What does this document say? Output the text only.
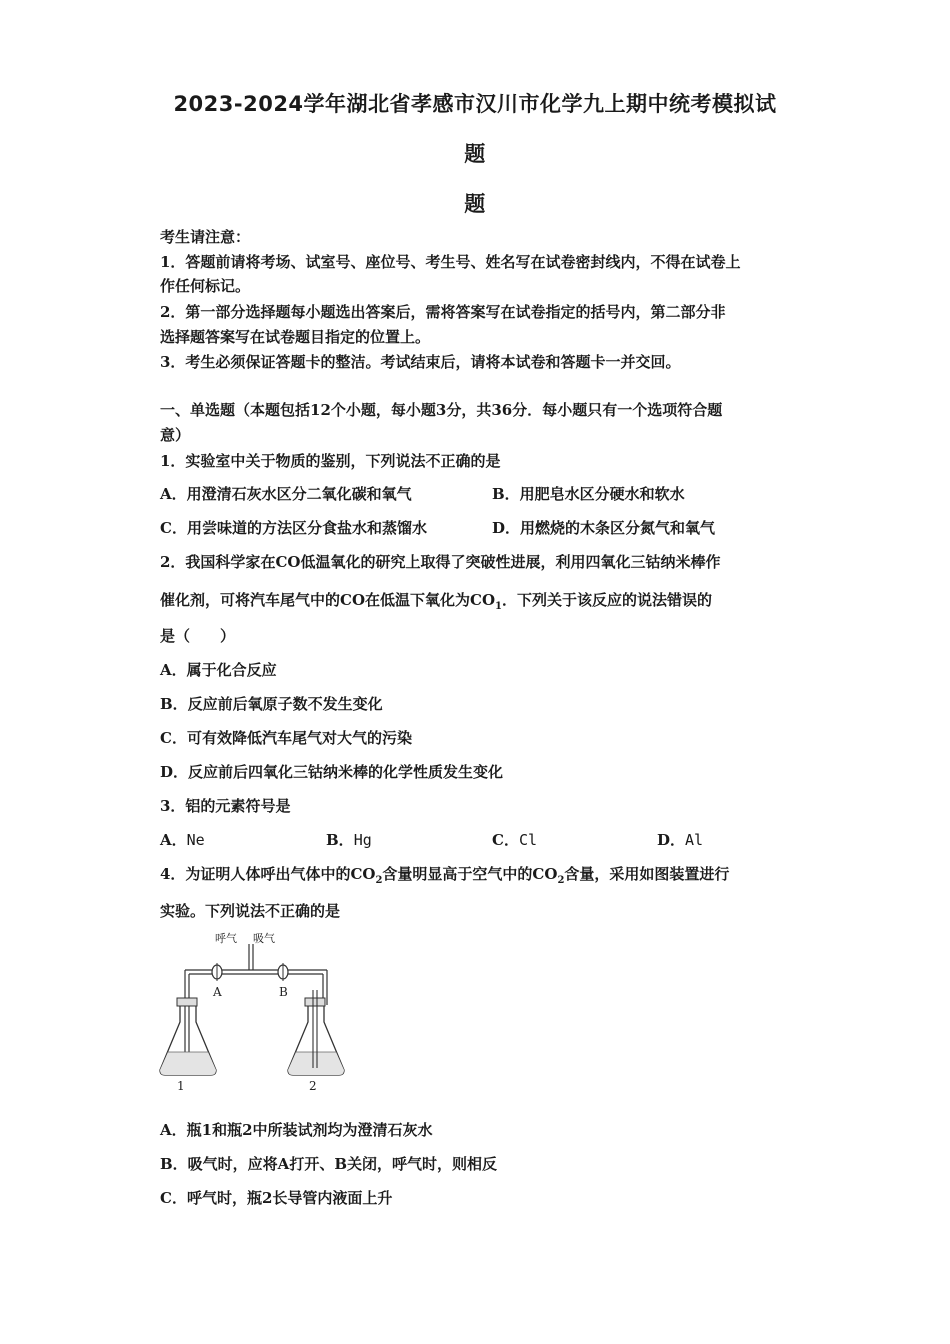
2023-2024学年湖北省孝感市汉川市化学九上期中统考模拟试
题
题
考生请注意：
1．答题前请将考场、试室号、座位号、考生号、姓名写在试卷密封线内，不得在试卷上
作任何标记。
2．第一部分选择题每小题选出答案后，需将答案写在试卷指定的括号内，第二部分非
选择题答案写在试卷题目指定的位置上。
3．考生必须保证答题卡的整洁。考试结束后，请将本试卷和答题卡一并交回。
一、单选题（本题包括12个小题，每小题3分，共36分．每小题只有一个选项符合题
意）
1．实验室中关于物质的鉴别，下列说法不正确的是
A．用澄清石灰水区分二氧化碳和氧气	B．用肥皂水区分硬水和软水
C．用尝味道的方法区分食盐水和蒸馏水	D．用燃烧的木条区分氮气和氧气
2．我国科学家在CO低温氧化的研究上取得了突破性进展，利用四氧化三钴纳米棒作
催化剂，可将汽车尾气中的CO在低温下氧化为$CO_1$．下列关于该反应的说法错误的
是（　　）
A．属于化合反应
B．反应前后氧原子数不发生变化
C．可有效降低汽车尾气对大气的污染
D．反应前后四氧化三钴纳米棒的化学性质发生变化
3．铝的元素符号是
A．Ne	B．Hg	C．Cl	D．Al
4．为证明人体呼出气体中的$CO_2$含量明显高于空气中的$CO_2$含量，采用如图装置进行
实验。下列说法不正确的是
呼气 吸气
A	B
1	2
A．瓶1和瓶2中所装试剂均为澄清石灰水
B．吸气时，应将A打开、B关闭，呼气时，则相反
C．呼气时，瓶2长导管内液面上升
